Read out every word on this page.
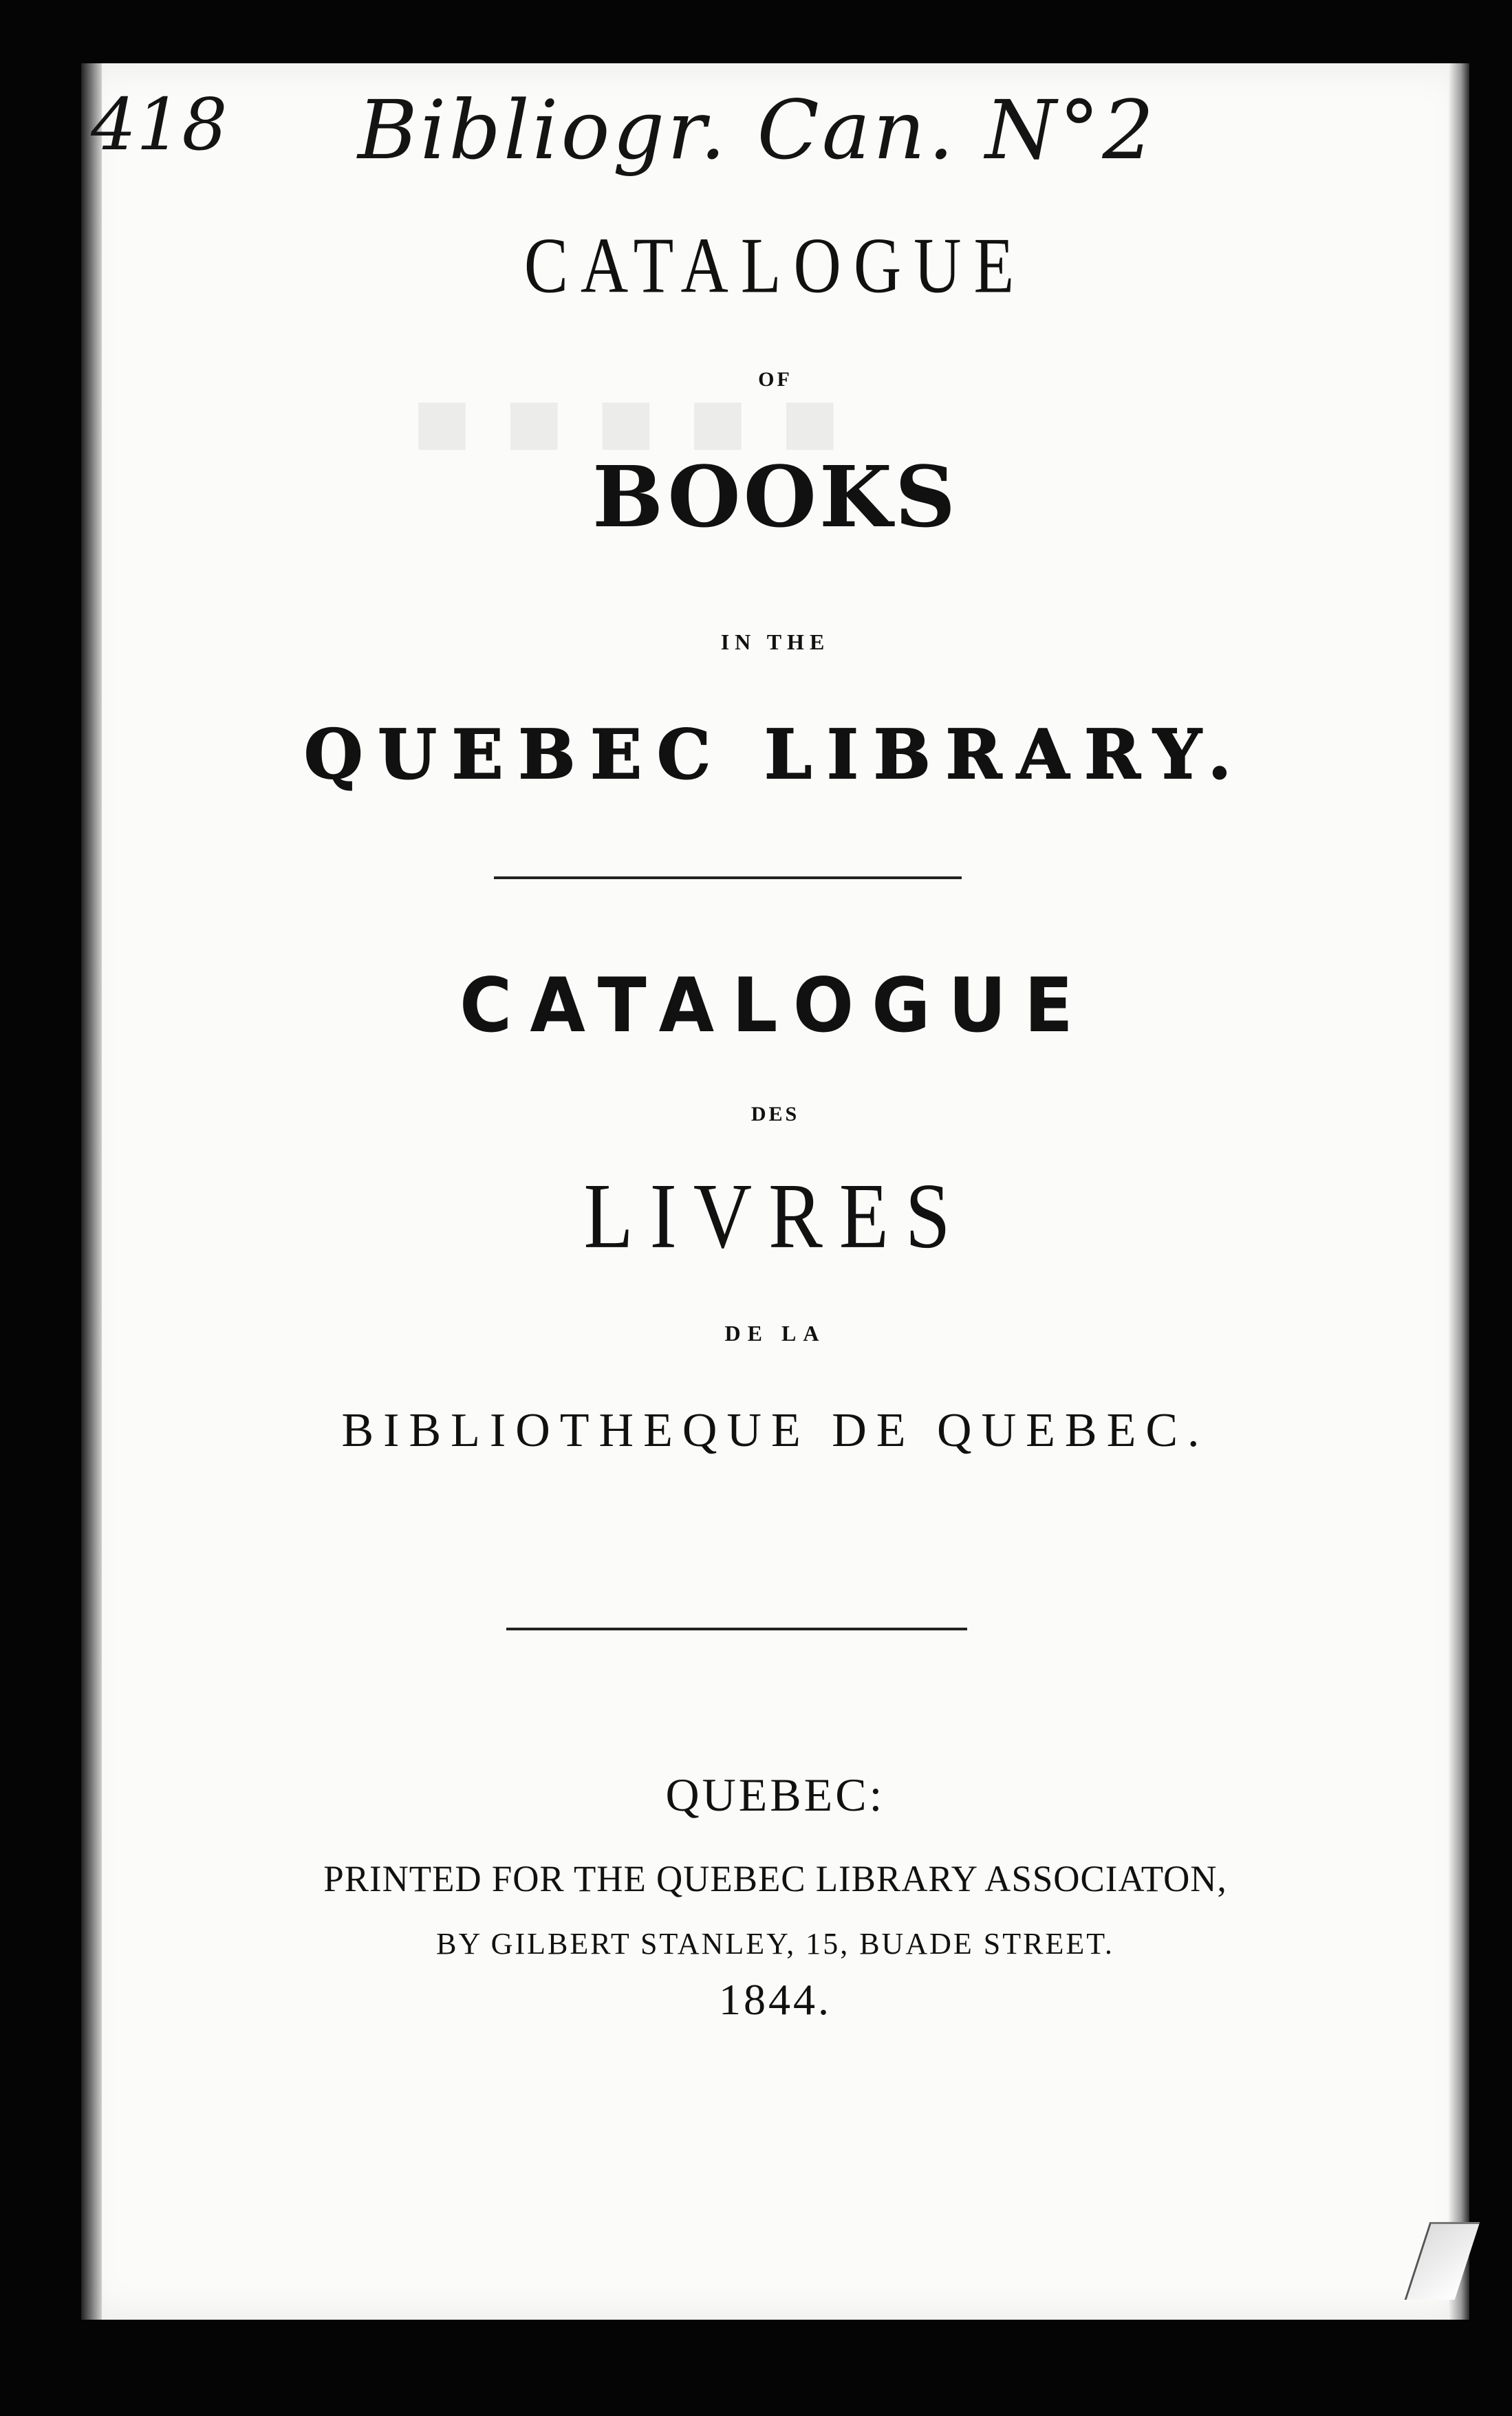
■ ■ ■ ■ ■
418 Bibliogr. Can. N°2
CATALOGUE
OF
BOOKS
IN THE
QUEBEC LIBRARY.
CATALOGUE
DES
LIVRES
DE LA
BIBLIOTHEQUE DE QUEBEC.
QUEBEC:
PRINTED FOR THE QUEBEC LIBRARY ASSOCIATON,
BY GILBERT STANLEY, 15, BUADE STREET.
1844.
